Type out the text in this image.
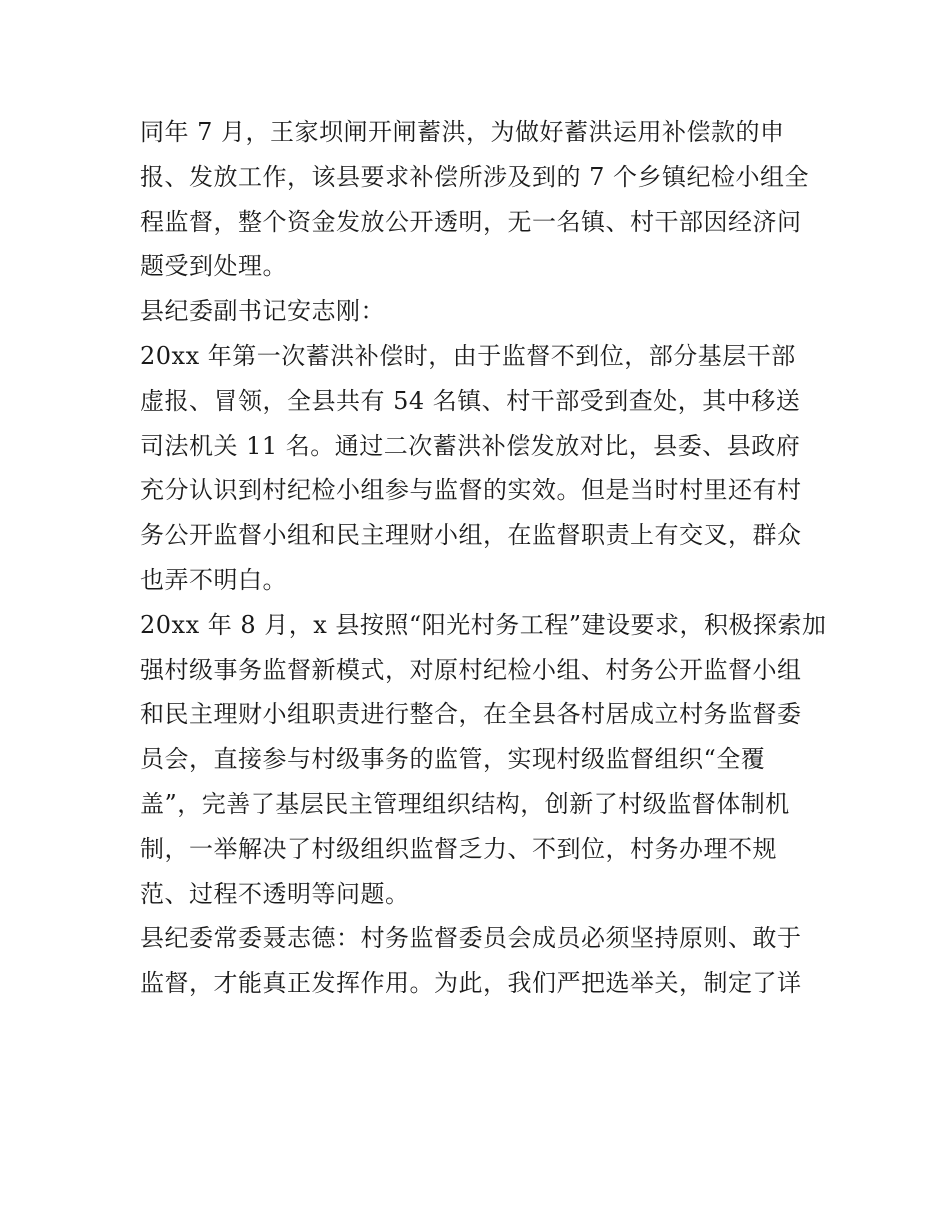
同年 7 月，王家坝闸开闸蓄洪，为做好蓄洪运用补偿款的申
报、发放工作，该县要求补偿所涉及到的 7 个乡镇纪检小组全
程监督，整个资金发放公开透明，无一名镇、村干部因经济问
题受到处理。
县纪委副书记安志刚：
20xx 年第一次蓄洪补偿时，由于监督不到位，部分基层干部
虚报、冒领，全县共有 54 名镇、村干部受到查处，其中移送
司法机关 11 名。通过二次蓄洪补偿发放对比，县委、县政府
充分认识到村纪检小组参与监督的实效。但是当时村里还有村
务公开监督小组和民主理财小组，在监督职责上有交叉，群众
也弄不明白。
20xx 年 8 月，x 县按照“阳光村务工程”建设要求，积极探索加
强村级事务监督新模式，对原村纪检小组、村务公开监督小组
和民主理财小组职责进行整合，在全县各村居成立村务监督委
员会，直接参与村级事务的监管，实现村级监督组织“全覆
盖”，完善了基层民主管理组织结构，创新了村级监督体制机
制，一举解决了村级组织监督乏力、不到位，村务办理不规
范、过程不透明等问题。
县纪委常委聂志德：村务监督委员会成员必须坚持原则、敢于
监督，才能真正发挥作用。为此，我们严把选举关，制定了详
